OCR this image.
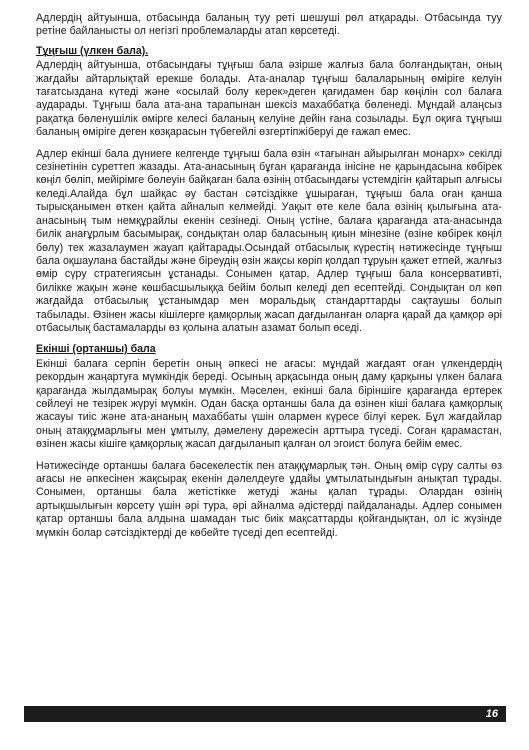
Адлердің айтуынша, отбасында баланың туу реті шешуші рөл атқарады. Отбасында туу ретіне байланысты ол негізгі проблемаларды атап көрсетеді.

Тұңғыш (үлкен бала).

Адлердің айтуынша, отбасындағы тұңғыш бала әзірше жалғыз бала болғандықтан, оның жағдайы айтарлықтай ерекше болады. Ата-аналар тұңғыш балаларының өміріге келуін тағатсыздана күтеді және «осылай болу керек»деген қағидамен бар көңілін сол балаға аударады. Тұңғыш бала ата-ана тарапынан шексіз махаббатқа бөленеді. Мұндай алаңсыз рақатқа бөленушілік өмірге келесі баланың келуіне дейін ғана созылады. Бұл оқиға тұңғыш баланың өміріге деген көзқарасын түбегейлі өзгертіпжіберуі де ғажап емес.

Адлер екінші бала дүниеге келгенде тұңғыш бала өзін «тағынан айырылған монарх» секілді сезінетінін суреттеп жазады. Ата-анасының бұған қарағанда інісіне не қарындасына көбірек көңіл бөліп, мейірімге бөлеуін байқаған бала өзінің отбасындағы үстемдігін қайтарып алғысы келеді.Алайда бұл шайқас әу бастан сәтсіздікке ұшыраған, тұңғыш бала оған қанша тырысқанымен өткен қайта айналып келмейді. Уақыт өте келе бала өзінің қылығына ата-анасының тым немқұрайлы екенін сезінеді. Оның үстіне, балаға қарағанда ата-анасында билік анағұрлым басымырақ, сондықтан олар баласының қиын мінезіне (өзіне көбірек көңіл бөлу) тек жазалаумен жауап қайтарады.Осындай отбасылық күрестің нәтижесінде тұңғыш бала оқшаулана бастайды және біреудің өзін жақсы көріп қолдап тұруын қажет етпей, жалғыз өмір сүру стратегиясын ұстанады. Сонымен қатар, Адлер тұңғыш бала консервативті, билікке жақын және көшбасшылыққа бейім болып келеді деп есептейді. Сондықтан ол көп жағдайда отбасылық ұстанымдар мен моральдық стандарттарды сақтаушы болып табылады. Өзінен жасы кішілерге қамқорлық жасап дағдыланған оларға қарай да қамқор әрі отбасылық бастамаларды өз қолына алатын азамат болып өседі.

Екінші (ортаншы) бала

Екінші балаға серпін беретін оның әпкесі не ағасы: мұндай жағдаят оған үлкендердің рекордын жаңартуға мүмкіндік береді. Осының арқасында оның даму қарқыны үлкен балаға қарағанда жылдамырақ болуы мүмкін. Мәселен, екінші бала біріншіге қарағанда ертерек сөйлеуі не тезірек жүруі мүмкін. Одан басқа ортаншы бала да өзінен кіші балаға қамқорлық жасауы тиіс және ата-ананың махаббаты үшін олармен күресе білуі керек. Бұл жағдайлар оның атаққұмарлығы мен ұмтылу, дәмелену дәрежесін арттыра түседі. Соған қарамастан, өзінен жасы кішіге қамқорлық жасап дағдыланып қалған ол эгоист болуға бейім емес.

Нәтижесінде ортаншы балаға бәсекелестік пен атаққұмарлық тән. Оның өмір сүру салты өз ағасы не әпкесінен жақсырақ екенін дәлелдеуге ұдайы ұмтылатындығын анықтап тұрады. Сонымен, ортаншы бала жетістікке жетуді жаны қалап тұрады. Олардан өзінің артықшылығын көрсету үшін әрі тура, әрі айналма әдістерді пайдаланады. Адлер сонымен қатар ортаншы бала алдына шамадан тыс биік мақсаттарды қойғандықтан, ол іс жүзінде мүмкін болар сәтсіздіктерді де көбейте түседі деп есептейді.

16
